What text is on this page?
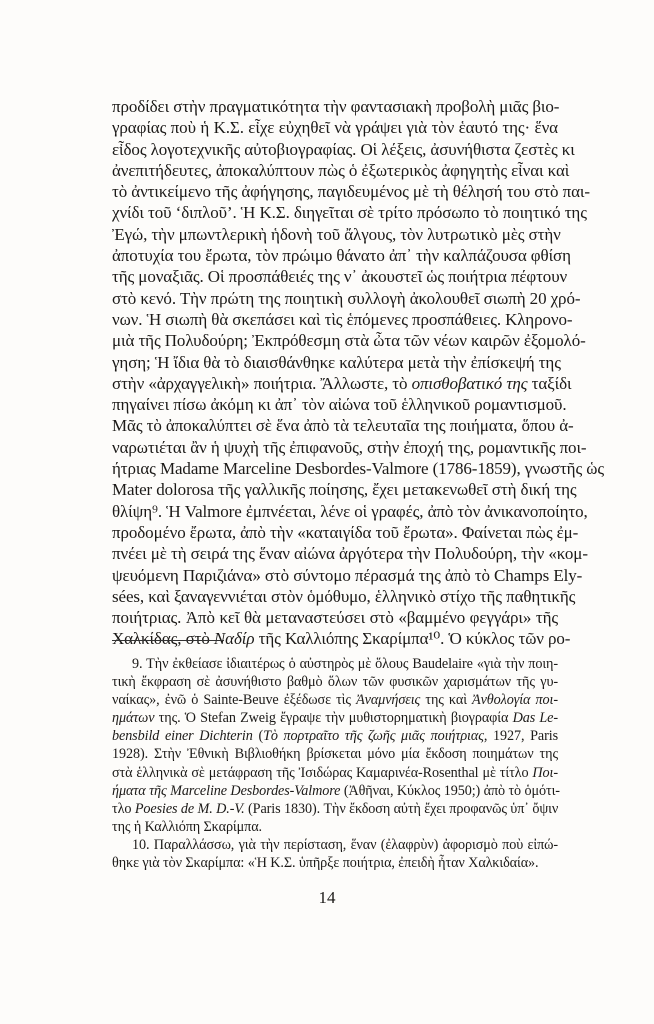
προδίδει στὴν πραγματικότητα τὴν φαντασιακὴ προβολὴ μιᾶς βιο-
γραφίας ποὺ ἡ Κ.Σ. εἶχε εὐχηθεῖ νὰ γράψει γιὰ τὸν ἑαυτό της· ἕνα
εἶδος λογοτεχνικῆς αὐτοβιογραφίας. Οἱ λέξεις, ἀσυνήθιστα ζεστὲς κι
ἀνεπιτήδευτες, ἀποκαλύπτουν πὼς ὁ ἐξωτερικὸς ἀφηγητὴς εἶναι καὶ
τὸ ἀντικείμενο τῆς ἀφήγησης, παγιδευμένος μὲ τὴ θέλησή του στὸ παι-
χνίδι τοῦ ‘διπλοῦ’. Ἡ Κ.Σ. διηγεῖται σὲ τρίτο πρόσωπο τὸ ποιητικό της
Ἐγώ, τὴν μπωντλερικὴ ἡδονὴ τοῦ ἄλγους, τὸν λυτρωτικὸ μὲς στὴν
ἀποτυχία του ἔρωτα, τὸν πρώιμο θάνατο ἀπ᾽ τὴν καλπάζουσα φθίση
τῆς μοναξιᾶς. Οἱ προσπάθειές της ν᾽ ἀκουστεῖ ὡς ποιήτρια πέφτουν
στὸ κενό. Τὴν πρώτη της ποιητικὴ συλλογὴ ἀκολουθεῖ σιωπὴ 20 χρό-
νων. Ἡ σιωπὴ θὰ σκεπάσει καὶ τὶς ἑπόμενες προσπάθειες. Κληρονο-
μιὰ τῆς Πολυδούρη; Ἐκπρόθεσμη στὰ ὦτα τῶν νέων καιρῶν ἐξομολό-
γηση; Ἡ ἴδια θὰ τὸ διαισθάνθηκε καλύτερα μετὰ τὴν ἐπίσκεψή της
στὴν «ἀρχαγγελικὴ» ποιήτρια. Ἄλλωστε, τὸ οπισθοβατικό της ταξίδι
πηγαίνει πίσω ἀκόμη κι ἀπ᾽ τὸν αἰώνα τοῦ ἑλληνικοῦ ρομαντισμοῦ.
Μᾶς τὸ ἀποκαλύπτει σὲ ἕνα ἀπὸ τὰ τελευταῖα της ποιήματα, ὅπου ἀ-
ναρωτιέται ἂν ἡ ψυχὴ τῆς ἐπιφανοῦς, στὴν ἐποχή της, ρομαντικῆς ποι-
ήτριας Madame Marceline Desbordes-Valmore (1786-1859), γνωστῆς ὡς
Mater dolorosa τῆς γαλλικῆς ποίησης, ἔχει μετακενωθεῖ στὴ δική της
θλίψη⁹. Ἡ Valmore ἐμπνέεται, λένε οἱ γραφές, ἀπὸ τὸν ἀνικανοποίητο,
προδομένο ἔρωτα, ἀπὸ τὴν «καταιγίδα τοῦ ἔρωτα». Φαίνεται πὼς ἐμ-
πνέει μὲ τὴ σειρά της ἕναν αἰώνα ἀργότερα τὴν Πολυδούρη, τὴν «κομ-
ψευόμενη Παριζιάνα» στὸ σύντομο πέρασμά της ἀπὸ τὸ Champs Ely-
sées, καὶ ξαναγεννιέται στὸν ὁμόθυμο, ἑλληνικὸ στίχο τῆς παθητικῆς
ποιήτριας. Ἀπὸ κεῖ θὰ μεταναστεύσει στὸ «βαμμένο φεγγάρι» τῆς
Χαλκίδας, στὸ Ναδίρ τῆς Καλλιόπης Σκαρίμπα¹⁰. Ὁ κύκλος τῶν ρο-
9. Τὴν ἐκθείασε ἰδιαιτέρως ὁ αὐστηρὸς μὲ ὅλους Baudelaire «γιὰ τὴν ποιη-
τικὴ ἔκφραση σὲ ἀσυνήθιστο βαθμὸ ὅλων τῶν φυσικῶν χαρισμάτων τῆς γυ-
ναίκας», ἐνῶ ὁ Sainte-Beuve ἐξέδωσε τὶς Ἀναμνήσεις της καὶ Ἀνθολογία ποι-
ημάτων της. Ὁ Stefan Zweig ἔγραψε τὴν μυθιστορηματικὴ βιογραφία Das Le-
bensbild einer Dichterin (Τὸ πορτραῖτο τῆς ζωῆς μιᾶς ποιήτριας, 1927, Paris
1928). Στὴν Ἐθνικὴ Βιβλιοθήκη βρίσκεται μόνο μία ἔκδοση ποιημάτων της
στὰ ἑλληνικὰ σὲ μετάφραση τῆς Ἰσιδώρας Καμαρινέα-Rosenthal μὲ τίτλο Ποι-
ήματα τῆς Marceline Desbordes-Valmore (Ἀθῆναι, Κύκλος 1950;) ἀπὸ τὸ ὁμότι-
τλο Poesies de M. D.-V. (Paris 1830). Τὴν ἔκδοση αὐτὴ ἔχει προφανῶς ὑπ᾽ ὄψιν
της ἡ Καλλιόπη Σκαρίμπα.
10. Παραλλάσσω, γιὰ τὴν περίσταση, ἕναν (ἐλαφρὺν) ἀφορισμὸ ποὺ εἰπώ-
θηκε γιὰ τὸν Σκαρίμπα: «Ἡ Κ.Σ. ὑπῆρξε ποιήτρια, ἐπειδὴ ἦταν Χαλκιδαία».
14
